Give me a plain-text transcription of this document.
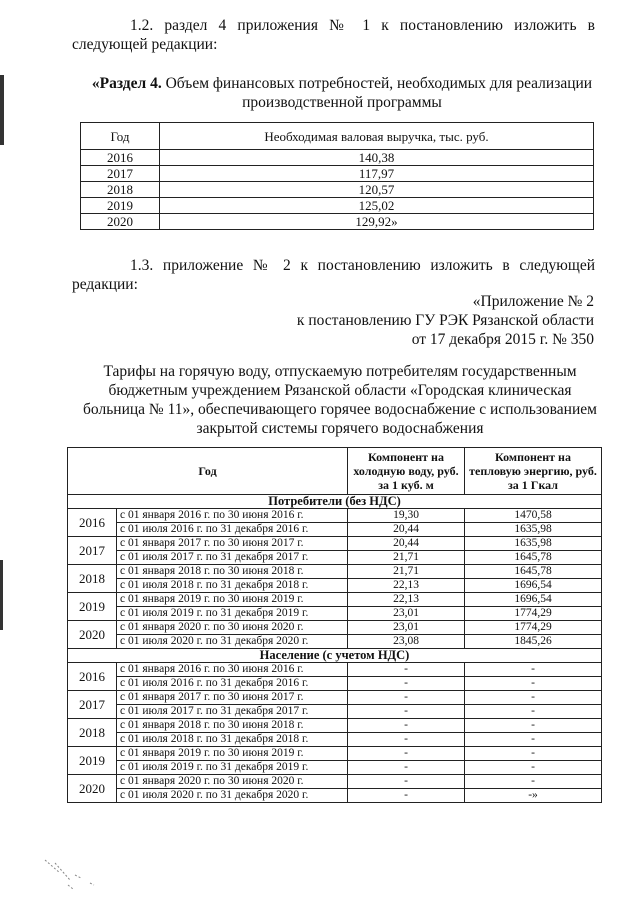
1.2. раздел 4 приложения № 1 к постановлению изложить в следующей редакции:
«Раздел 4. Объем финансовых потребностей, необходимых для реализации производственной программы
Год	Необходимая валовая выручка, тыс. руб.
2016	140,38
2017	117,97
2018	120,57
2019	125,02
2020	129,92»
1.3. приложение № 2 к постановлению изложить в следующей редакции:
«Приложение № 2
к постановлению ГУ РЭК Рязанской области
от 17 декабря 2015 г. № 350
Тарифы на горячую воду, отпускаемую потребителям государственным бюджетным учреждением Рязанской области «Городская клиническая больница № 11», обеспечивающего горячее водоснабжение с использованием закрытой системы горячего водоснабжения
Год		Компонент на холодную воду, руб. за 1 куб. м	Компонент на тепловую энергию, руб. за 1 Гкал
Потребители (без НДС)			
2016	с 01 января 2016 г. по 30 июня 2016 г.	19,30	1470,58
	с 01 июля 2016 г. по 31 декабря 2016 г.	20,44	1635,98
2017	с 01 января 2017 г. по 30 июня 2017 г.	20,44	1635,98
	с 01 июля 2017 г. по 31 декабря 2017 г.	21,71	1645,78
2018	с 01 января 2018 г. по 30 июня 2018 г.	21,71	1645,78
	с 01 июля 2018 г. по 31 декабря 2018 г.	22,13	1696,54
2019	с 01 января 2019 г. по 30 июня 2019 г.	22,13	1696,54
	с 01 июля 2019 г. по 31 декабря 2019 г.	23,01	1774,29
2020	с 01 января 2020 г. по 30 июня 2020 г.	23,01	1774,29
	с 01 июля 2020 г. по 31 декабря 2020 г.	23,08	1845,26
Население (с учетом НДС)			
2016	с 01 января 2016 г. по 30 июня 2016 г.	-	-
	с 01 июля 2016 г. по 31 декабря 2016 г.	-	-
2017	с 01 января 2017 г. по 30 июня 2017 г.	-	-
	с 01 июля 2017 г. по 31 декабря 2017 г.	-	-
2018	с 01 января 2018 г. по 30 июня 2018 г.	-	-
	с 01 июля 2018 г. по 31 декабря 2018 г.	-	-
2019	с 01 января 2019 г. по 30 июня 2019 г.	-	-
	с 01 июля 2019 г. по 31 декабря 2019 г.	-	-
2020	с 01 января 2020 г. по 30 июня 2020 г.	-	-
	с 01 июля 2020 г. по 31 декабря 2020 г.	-	-»
